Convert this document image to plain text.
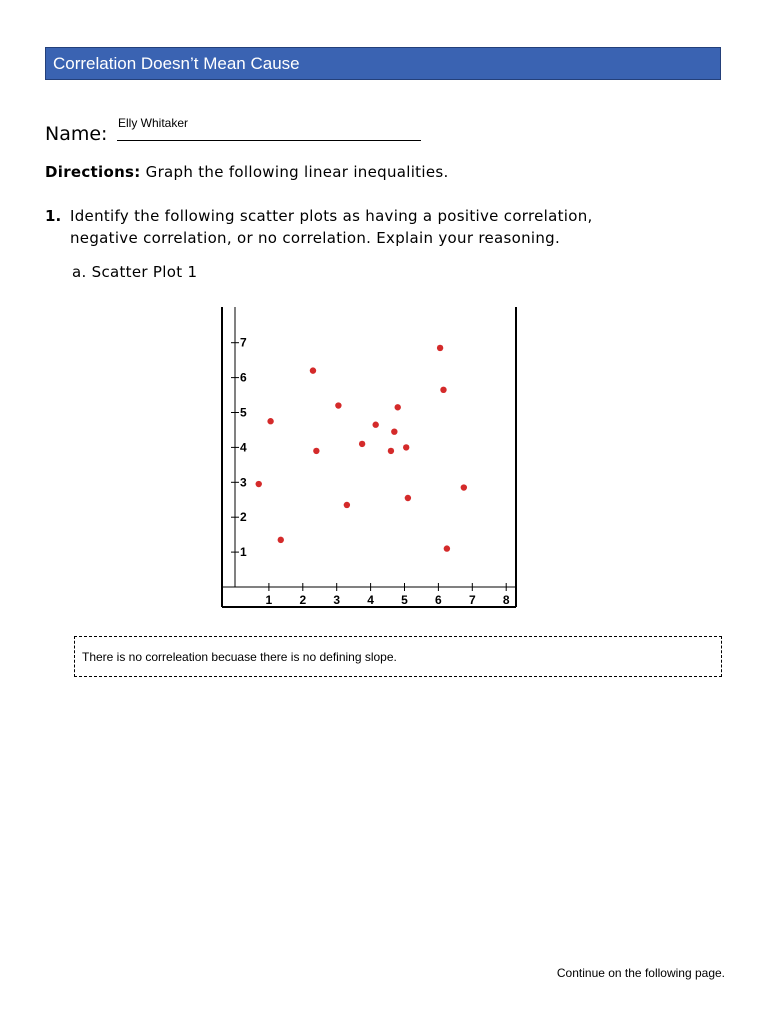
Correlation Doesn’t Mean Cause
Name: Elly Whitaker
Directions: Graph the following linear inequalities.
1. Identify the following scatter plots as having a positive correlation,
negative correlation, or no correlation. Explain your reasoning.
a. Scatter Plot 1
1 2 3 4 5 6 7 8
1
2
3
4
5
6
7
There is no correleation becuase there is no defining slope.
Continue on the following page.
